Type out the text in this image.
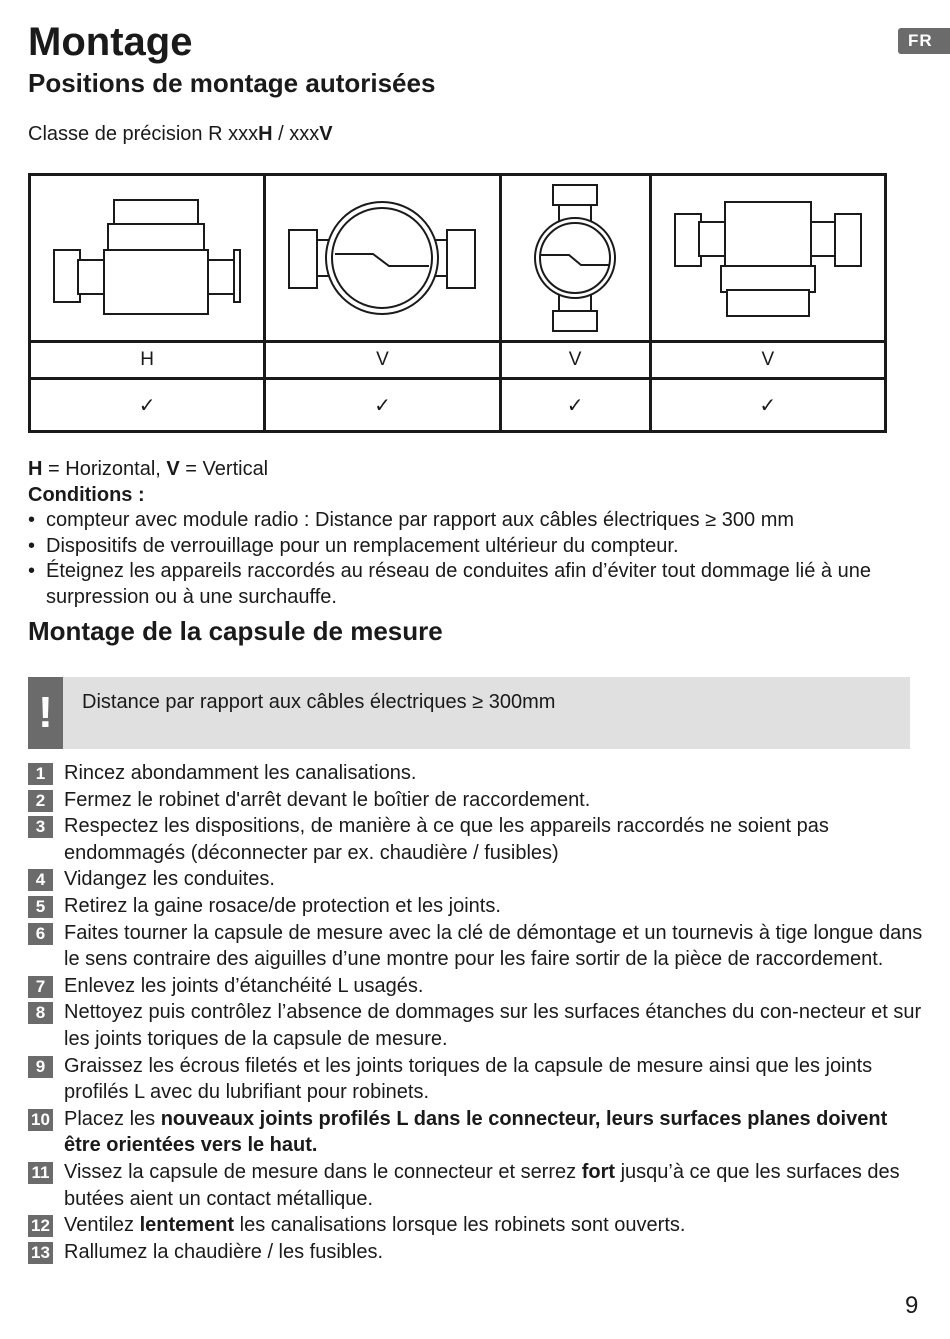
Montage	FR
Positions de montage autorisées
Classe de précision R xxxH / xxxV

H	V	V	V
✓	✓	✓	✓
H = Horizontal, V = Vertical
Conditions :
• compteur avec module radio : Distance par rapport aux câbles électriques ≥ 300 mm
• Dispositifs de verrouillage pour un remplacement ultérieur du compteur.
• Éteignez les appareils raccordés au réseau de conduites afin d’éviter tout dommage lié à une surpression ou à une surchauffe.
Montage de la capsule de mesure
!	Distance par rapport aux câbles électriques ≥ 300mm
1 Rincez abondamment les canalisations.
2 Fermez le robinet d'arrêt devant le boîtier de raccordement.
3 Respectez les dispositions, de manière à ce que les appareils raccordés ne soient pas endommagés (déconnecter par ex. chaudière / fusibles)
4 Vidangez les conduites.
5 Retirez la gaine rosace/de protection et les joints.
6 Faites tourner la capsule de mesure avec la clé de démontage et un tournevis à tige longue dans le sens contraire des aiguilles d’une montre pour les faire sortir de la pièce de raccordement.
7 Enlevez les joints d’étanchéité L usagés.
8 Nettoyez puis contrôlez l’absence de dommages sur les surfaces étanches du con-necteur et sur les joints toriques de la capsule de mesure.
9 Graissez les écrous filetés et les joints toriques de la capsule de mesure ainsi que les joints profilés L avec du lubrifiant pour robinets.
10 Placez les nouveaux joints profilés L dans le connecteur, leurs surfaces planes doivent être orientées vers le haut.
11 Vissez la capsule de mesure dans le connecteur et serrez fort jusqu’à ce que les surfaces des butées aient un contact métallique.
12 Ventilez lentement les canalisations lorsque les robinets sont ouverts.
13 Rallumez la chaudière / les fusibles.
9
